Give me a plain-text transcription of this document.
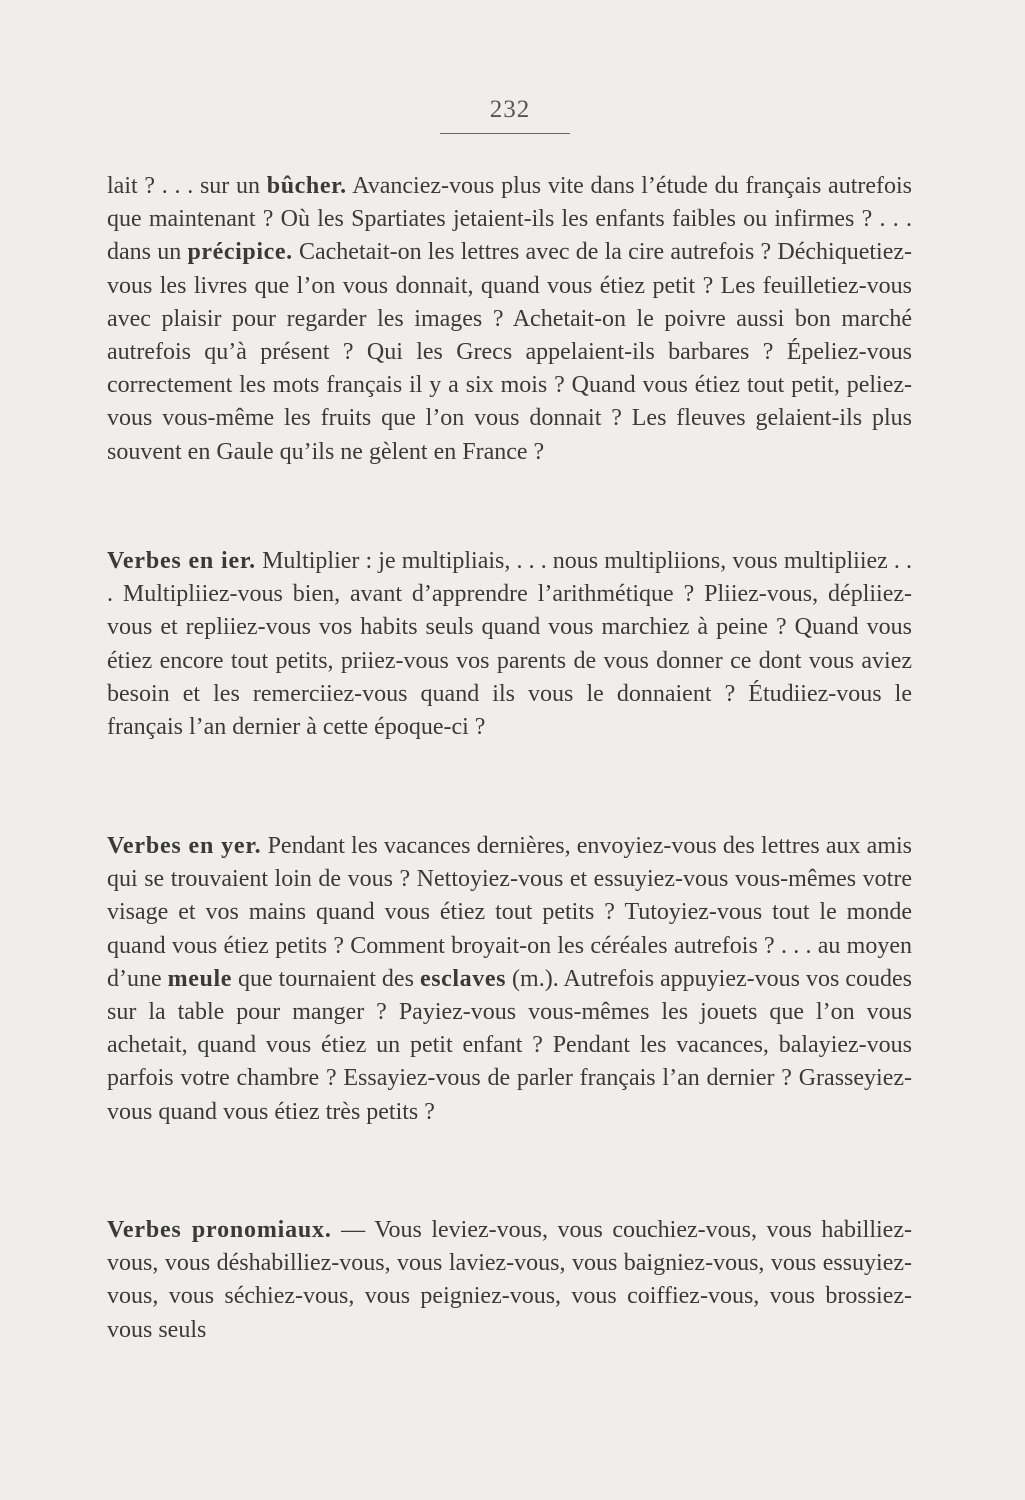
232

lait ? . . . sur un bûcher. Avanciez-vous plus vite dans l’étude du français autrefois que maintenant ? Où les Spartiates jetaient-ils les enfants faibles ou infirmes ? . . . dans un précipice. Cachetait-on les lettres avec de la cire autrefois ? Déchiquetiez-vous les livres que l’on vous donnait, quand vous étiez petit ? Les feuilletiez-vous avec plaisir pour regarder les images ? Achetait-on le poivre aussi bon marché autrefois qu’à présent ? Qui les Grecs appelaient-ils barbares ? Épeliez-vous correctement les mots français il y a six mois ? Quand vous étiez tout petit, peliez-vous vous-même les fruits que l’on vous donnait ? Les fleuves gelaient-ils plus souvent en Gaule qu’ils ne gèlent en France ?

Verbes en ier. Multiplier : je multipliais, . . . nous multipliions, vous multipliiez . . . Multipliiez-vous bien, avant d’apprendre l’arithmétique ? Pliiez-vous, dépliiez-vous et repliiez-vous vos habits seuls quand vous marchiez à peine ? Quand vous étiez encore tout petits, priiez-vous vos parents de vous donner ce dont vous aviez besoin et les remerciiez-vous quand ils vous le donnaient ? Étudiiez-vous le français l’an dernier à cette époque-ci ?

Verbes en yer. Pendant les vacances dernières, envoyiez-vous des lettres aux amis qui se trouvaient loin de vous ? Nettoyiez-vous et essuyiez-vous vous-mêmes votre visage et vos mains quand vous étiez tout petits ? Tutoyiez-vous tout le monde quand vous étiez petits ? Comment broyait-on les céréales autrefois ? . . . au moyen d’une meule que tournaient des esclaves (m.). Autrefois appuyiez-vous vos coudes sur la table pour manger ? Payiez-vous vous-mêmes les jouets que l’on vous achetait, quand vous étiez un petit enfant ? Pendant les vacances, balayiez-vous parfois votre chambre ? Essayiez-vous de parler français l’an dernier ? Grasseyiez-vous quand vous étiez très petits ?

Verbes pronomiaux. — Vous leviez-vous, vous couchiez-vous, vous habilliez-vous, vous déshabilliez-vous, vous laviez-vous, vous baigniez-vous, vous essuyiez-vous, vous séchiez-vous, vous peigniez-vous, vous coiffiez-vous, vous brossiez-vous seuls
